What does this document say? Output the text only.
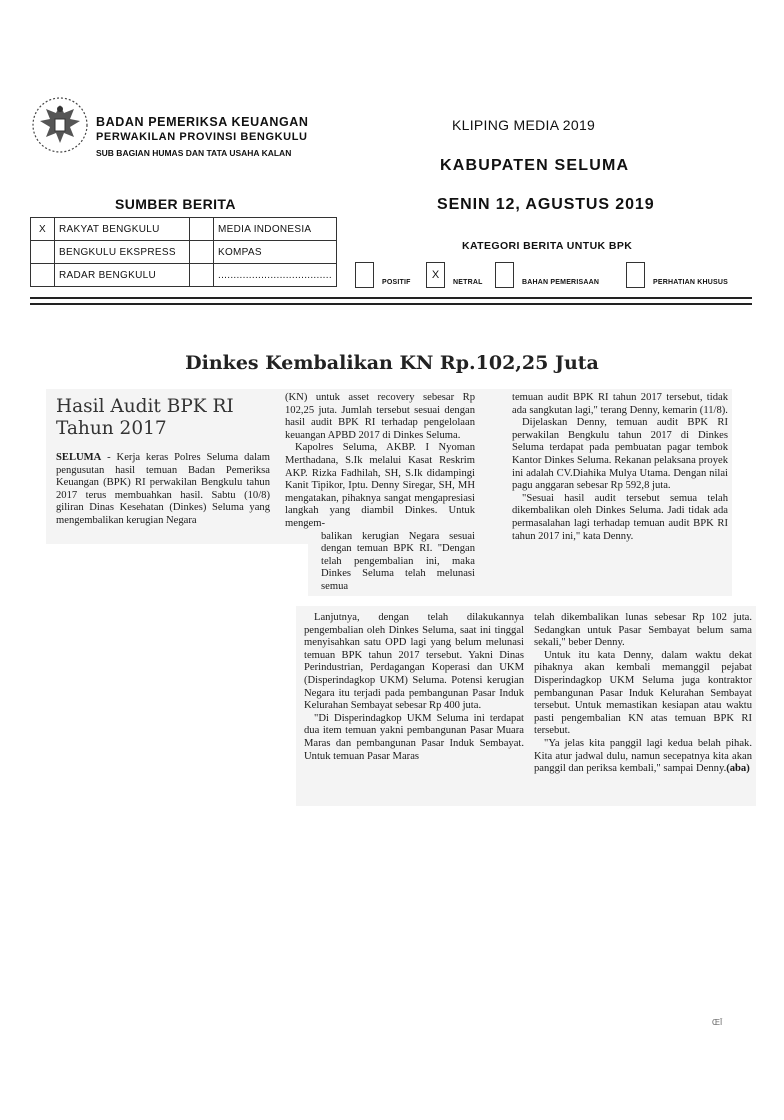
BADAN PEMERIKSA KEUANGAN
PERWAKILAN PROVINSI BENGKULU
SUB BAGIAN HUMAS DAN TATA USAHA KALAN
KLIPING MEDIA 2019
KABUPATEN SELUMA
SENIN 12, AGUSTUS 2019
SUMBER BERITA
X	RAKYAT BENGKULU		MEDIA INDONESIA
	BENGKULU EKSPRESS		KOMPAS
	RADAR BENGKULU		.....................................
KATEGORI BERITA UNTUK BPK
POSITIF
X
NETRAL	BAHAN PEMERISAAN	PERHATIAN KHUSUS
Dinkes Kembalikan KN Rp.102,25 Juta
Hasil Audit BPK RI Tahun 2017

SELUMA - Kerja keras Polres Seluma dalam pengusutan hasil temuan Badan Pemeriksa Keuangan (BPK) RI perwakilan Bengkulu tahun 2017 terus membuahkan hasil. Sabtu (10/8) giliran Dinas Kesehatan (Dinkes) Seluma yang mengembalikan kerugian Negara

(KN) untuk asset recovery sebesar Rp 102,25 juta. Jumlah tersebut sesuai dengan hasil audit BPK RI terhadap pengelolaan keuangan APBD 2017 di Dinkes Seluma.

Kapolres Seluma, AKBP. I Nyoman Merthadana, S.Ik melalui Kasat Reskrim AKP. Rizka Fadhilah, SH, S.Ik didampingi Kanit Tipikor, Iptu. Denny Siregar, SH, MH mengatakan, pihaknya sangat mengapresiasi langkah yang diambil Dinkes. Untuk mengem-

balikan kerugian Negara sesuai dengan temuan BPK RI. "Dengan telah pengembalian ini, maka Dinkes Seluma telah melunasi semua

temuan audit BPK RI tahun 2017 tersebut, tidak ada sangkutan lagi," terang Denny, kemarin (11/8).

Dijelaskan Denny, temuan audit BPK RI perwakilan Bengkulu tahun 2017 di Dinkes Seluma terdapat pada pembuatan pagar tembok Kantor Dinkes Seluma. Rekanan pelaksana proyek ini adalah CV.Diahika Mulya Utama. Dengan nilai pagu anggaran sebesar Rp 592,8 juta.

"Sesuai hasil audit tersebut semua telah dikembalikan oleh Dinkes Seluma. Jadi tidak ada permasalahan lagi terhadap temuan audit BPK RI tahun 2017 ini," kata Denny.

Lanjutnya, dengan telah dilakukannya pengembalian oleh Dinkes Seluma, saat ini tinggal menyisahkan satu OPD lagi yang belum melunasi temuan BPK tahun 2017 tersebut. Yakni Dinas Perindustrian, Perdagangan Koperasi dan UKM (Disperindagkop UKM) Seluma. Potensi kerugian Negara itu terjadi pada pembangunan Pasar Induk Kelurahan Sembayat sebesar Rp 400 juta.

"Di Disperindagkop UKM Seluma ini terdapat dua item temuan yakni pembangunan Pasar Muara Maras dan pembangunan Pasar Induk Sembayat. Untuk temuan Pasar Maras

telah dikembalikan lunas sebesar Rp 102 juta. Sedangkan untuk Pasar Sembayat belum sama sekali," beber Denny.

Untuk itu kata Denny, dalam waktu dekat pihaknya akan kembali memanggil pejabat Disperindagkop UKM Seluma juga kontraktor pembangunan Pasar Induk Kelurahan Sembayat tersebut. Untuk memastikan kesiapan atau waktu pasti pengembalian KN atas temuan BPK RI tersebut.

"Ya jelas kita panggil lagi kedua belah pihak. Kita atur jadwal dulu, namun secepatnya kita akan panggil dan periksa kembali," sampai Denny.(aba)

ŒĪ
